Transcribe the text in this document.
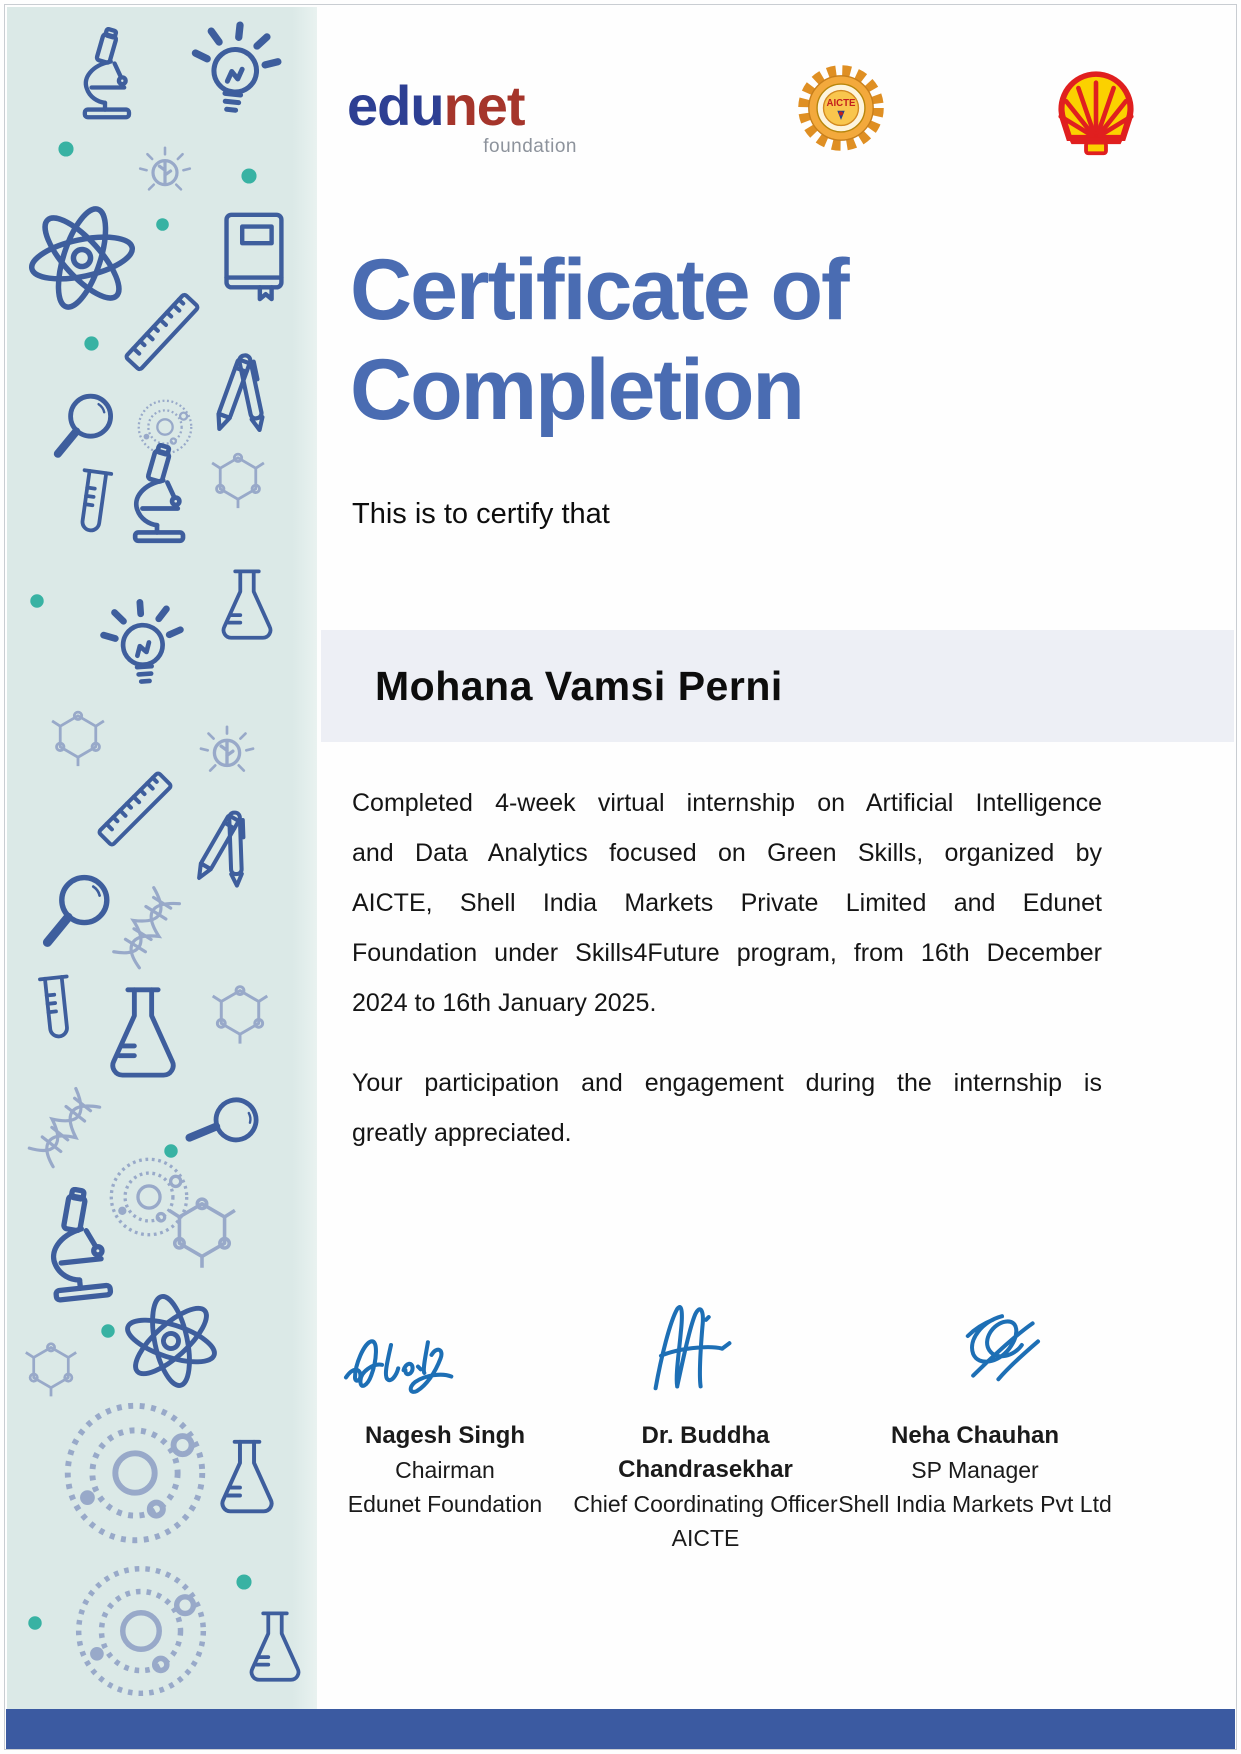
edunet
foundation
AICTE
Certificate of
Completion
This is to certify that
Mohana Vamsi Perni
Completed 4-week virtual internship on Artificial Intelligence
and Data Analytics focused on Green Skills, organized by
AICTE, Shell India Markets Private Limited and Edunet
Foundation under Skills4Future program, from 16th December
2024 to 16th January 2025.
Your participation and engagement during the internship is
greatly appreciated.
Nagesh Singh
Chairman
Edunet Foundation
Dr. Buddha Chandrasekhar
Chief Coordinating Officer
AICTE
Neha Chauhan
SP Manager
Shell India Markets Pvt Ltd
